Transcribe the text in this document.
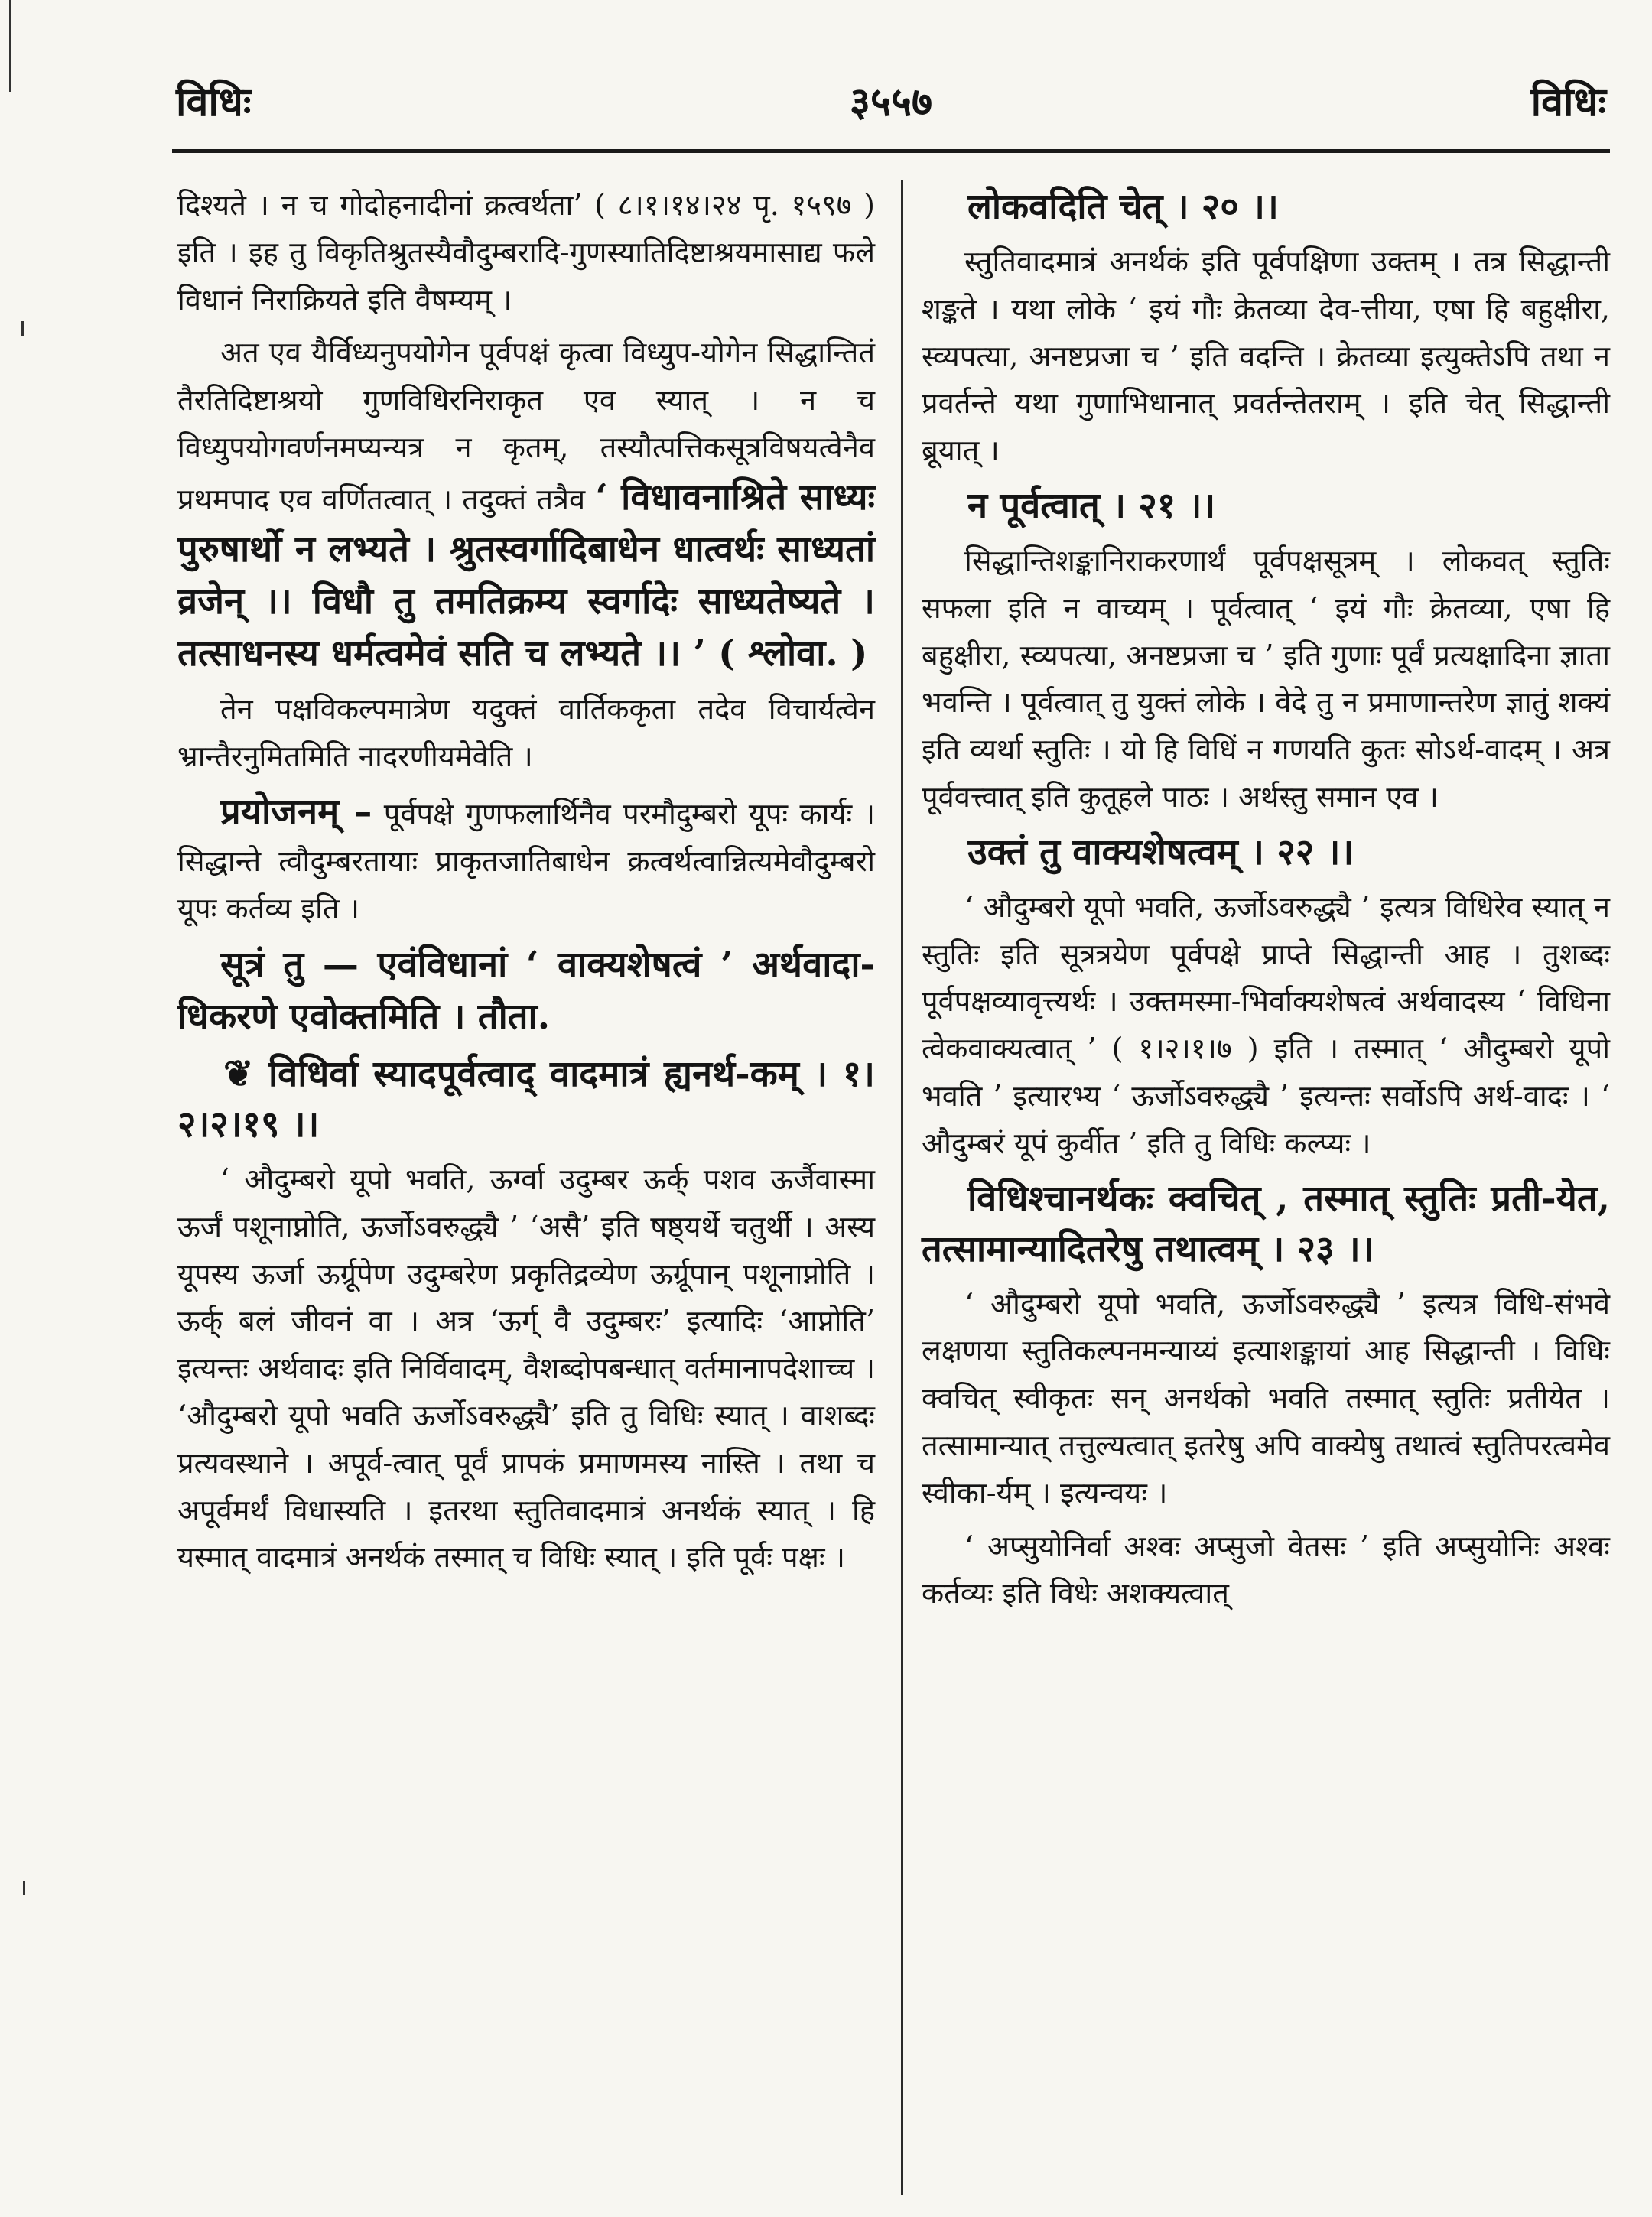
३५५७
विधिः	विधिः

दिश्यते । न च गोदोहनादीनां क्रत्वर्थता’ ( ८।१।१४।२४ पृ. १५९७ ) इति । इह तु विकृतिश्रुतस्यैवौदुम्बरादि-गुणस्यातिदिष्टाश्रयमासाद्य फले विधानं निराक्रियते इति वैषम्यम् ।

अत एव यैर्विध्यनुपयोगेन पूर्वपक्षं कृत्वा विध्युप-योगेन सिद्धान्तितं तैरतिदिष्टाश्रयो गुणविधिरनिराकृत एव स्यात् । न च विध्युपयोगवर्णनमप्यन्यत्र न कृतम्, तस्यौत्पत्तिकसूत्रविषयत्वेनैव प्रथमपाद एव वर्णितत्वात् । तदुक्तं तत्रैव ‘ विधावनाश्रिते साध्यः पुरुषार्थो न लभ्यते । श्रुतस्वर्गादिबाधेन धात्वर्थः साध्यतां व्रजेन् ।। विधौ तु तमतिक्रम्य स्वर्गादेः साध्यतेष्यते । तत्साधनस्य धर्मत्वमेवं सति च लभ्यते ।। ’ ( श्लोवा. )

तेन पक्षविकल्पमात्रेण यदुक्तं वार्तिककृता तदेव विचार्यत्वेन भ्रान्तैरनुमितमिति नादरणीयमेवेति ।

प्रयोजनम् – पूर्वपक्षे गुणफलार्थिनैव परमौदुम्बरो यूपः कार्यः । सिद्धान्ते त्वौदुम्बरतायाः प्राकृतजातिबाधेन क्रत्वर्थत्वान्नित्यमेवौदुम्बरो यूपः कर्तव्य इति ।

सूत्रं तु — एवंविधानां ‘ वाक्यशेषत्वं ’ अर्थवादा-धिकरणे एवोक्तमिति । तौता.

❦ विधिर्वा स्यादपूर्वत्वाद् वादमात्रं ह्यनर्थ-कम् । १।२।२।१९ ।।

‘ औदुम्बरो यूपो भवति, ऊर्ग्वा उदुम्बर ऊर्क् पशव ऊर्जैवास्मा ऊर्जं पशूनाप्नोति, ऊर्जोऽवरुद्ध्यै ’ ‘असै’ इति षष्ठ्यर्थे चतुर्थी । अस्य यूपस्य ऊर्जा ऊर्ग्रूपेण उदुम्बरेण प्रकृतिद्रव्येण ऊर्ग्रूपान् पशूनाप्नोति । ऊर्क् बलं जीवनं वा । अत्र ‘ऊर्ग् वै उदुम्बरः’ इत्यादिः ‘आप्नोति’ इत्यन्तः अर्थवादः इति निर्विवादम्, वैशब्दोपबन्धात् वर्तमानापदेशाच्च । ‘औदुम्बरो यूपो भवति ऊर्जोऽवरुद्ध्यै’ इति तु विधिः स्यात् । वाशब्दः प्रत्यवस्थाने । अपूर्व-त्वात् पूर्वं प्रापकं प्रमाणमस्य नास्ति । तथा च अपूर्वमर्थं विधास्यति । इतरथा स्तुतिवादमात्रं अनर्थकं स्यात् । हि यस्मात् वादमात्रं अनर्थकं तस्मात् च विधिः स्यात् । इति पूर्वः पक्षः ।

लोकवदिति चेत् । २० ।।

स्तुतिवादमात्रं अनर्थकं इति पूर्वपक्षिणा उक्तम् । तत्र सिद्धान्ती शङ्कते । यथा लोके ‘ इयं गौः क्रेतव्या देव-त्तीया, एषा हि बहुक्षीरा, स्व्यपत्या, अनष्टप्रजा च ’ इति वदन्ति । क्रेतव्या इत्युक्तेऽपि तथा न प्रवर्तन्ते यथा गुणाभिधानात् प्रवर्तन्तेतराम् । इति चेत् सिद्धान्ती ब्रूयात् ।

न पूर्वत्वात् । २१ ।।

सिद्धान्तिशङ्कानिराकरणार्थं पूर्वपक्षसूत्रम् । लोकवत् स्तुतिः सफला इति न वाच्यम् । पूर्वत्वात् ‘ इयं गौः क्रेतव्या, एषा हि बहुक्षीरा, स्व्यपत्या, अनष्टप्रजा च ’ इति गुणाः पूर्वं प्रत्यक्षादिना ज्ञाता भवन्ति । पूर्वत्वात् तु युक्तं लोके । वेदे तु न प्रमाणान्तरेण ज्ञातुं शक्यं इति व्यर्था स्तुतिः । यो हि विधिं न गणयति कुतः सोऽर्थ-वादम् । अत्र पूर्ववत्त्वात् इति कुतूहले पाठः । अर्थस्तु समान एव ।

उक्तं तु वाक्यशेषत्वम् । २२ ।।

‘ औदुम्बरो यूपो भवति, ऊर्जोऽवरुद्ध्यै ’ इत्यत्र विधिरेव स्यात् न स्तुतिः इति सूत्रत्रयेण पूर्वपक्षे प्राप्ते सिद्धान्ती आह । तुशब्दः पूर्वपक्षव्यावृत्त्यर्थः । उक्तमस्मा-भिर्वाक्यशेषत्वं अर्थवादस्य ‘ विधिना त्वेकवाक्यत्वात् ’ ( १।२।१।७ ) इति । तस्मात् ‘ औदुम्बरो यूपो भवति ’ इत्यारभ्य ‘ ऊर्जोऽवरुद्ध्यै ’ इत्यन्तः सर्वोऽपि अर्थ-वादः । ‘ औदुम्बरं यूपं कुर्वीत ’ इति तु विधिः कल्प्यः ।

विधिश्चानर्थकः क्वचित् , तस्मात् स्तुतिः प्रती-येत, तत्सामान्यादितरेषु तथात्वम् । २३ ।।

‘ औदुम्बरो यूपो भवति, ऊर्जोऽवरुद्ध्यै ’ इत्यत्र विधि-संभवे लक्षणया स्तुतिकल्पनमन्याय्यं इत्याशङ्कायां आह सिद्धान्ती । विधिः क्वचित् स्वीकृतः सन् अनर्थको भवति तस्मात् स्तुतिः प्रतीयेत । तत्सामान्यात् तत्तुल्यत्वात् इतरेषु अपि वाक्येषु तथात्वं स्तुतिपरत्वमेव स्वीका-र्यम् । इत्यन्वयः ।

‘ अप्सुयोनिर्वा अश्वः अप्सुजो वेतसः ’ इति अप्सुयोनिः अश्वः कर्तव्यः इति विधेः अशक्यत्वात्
